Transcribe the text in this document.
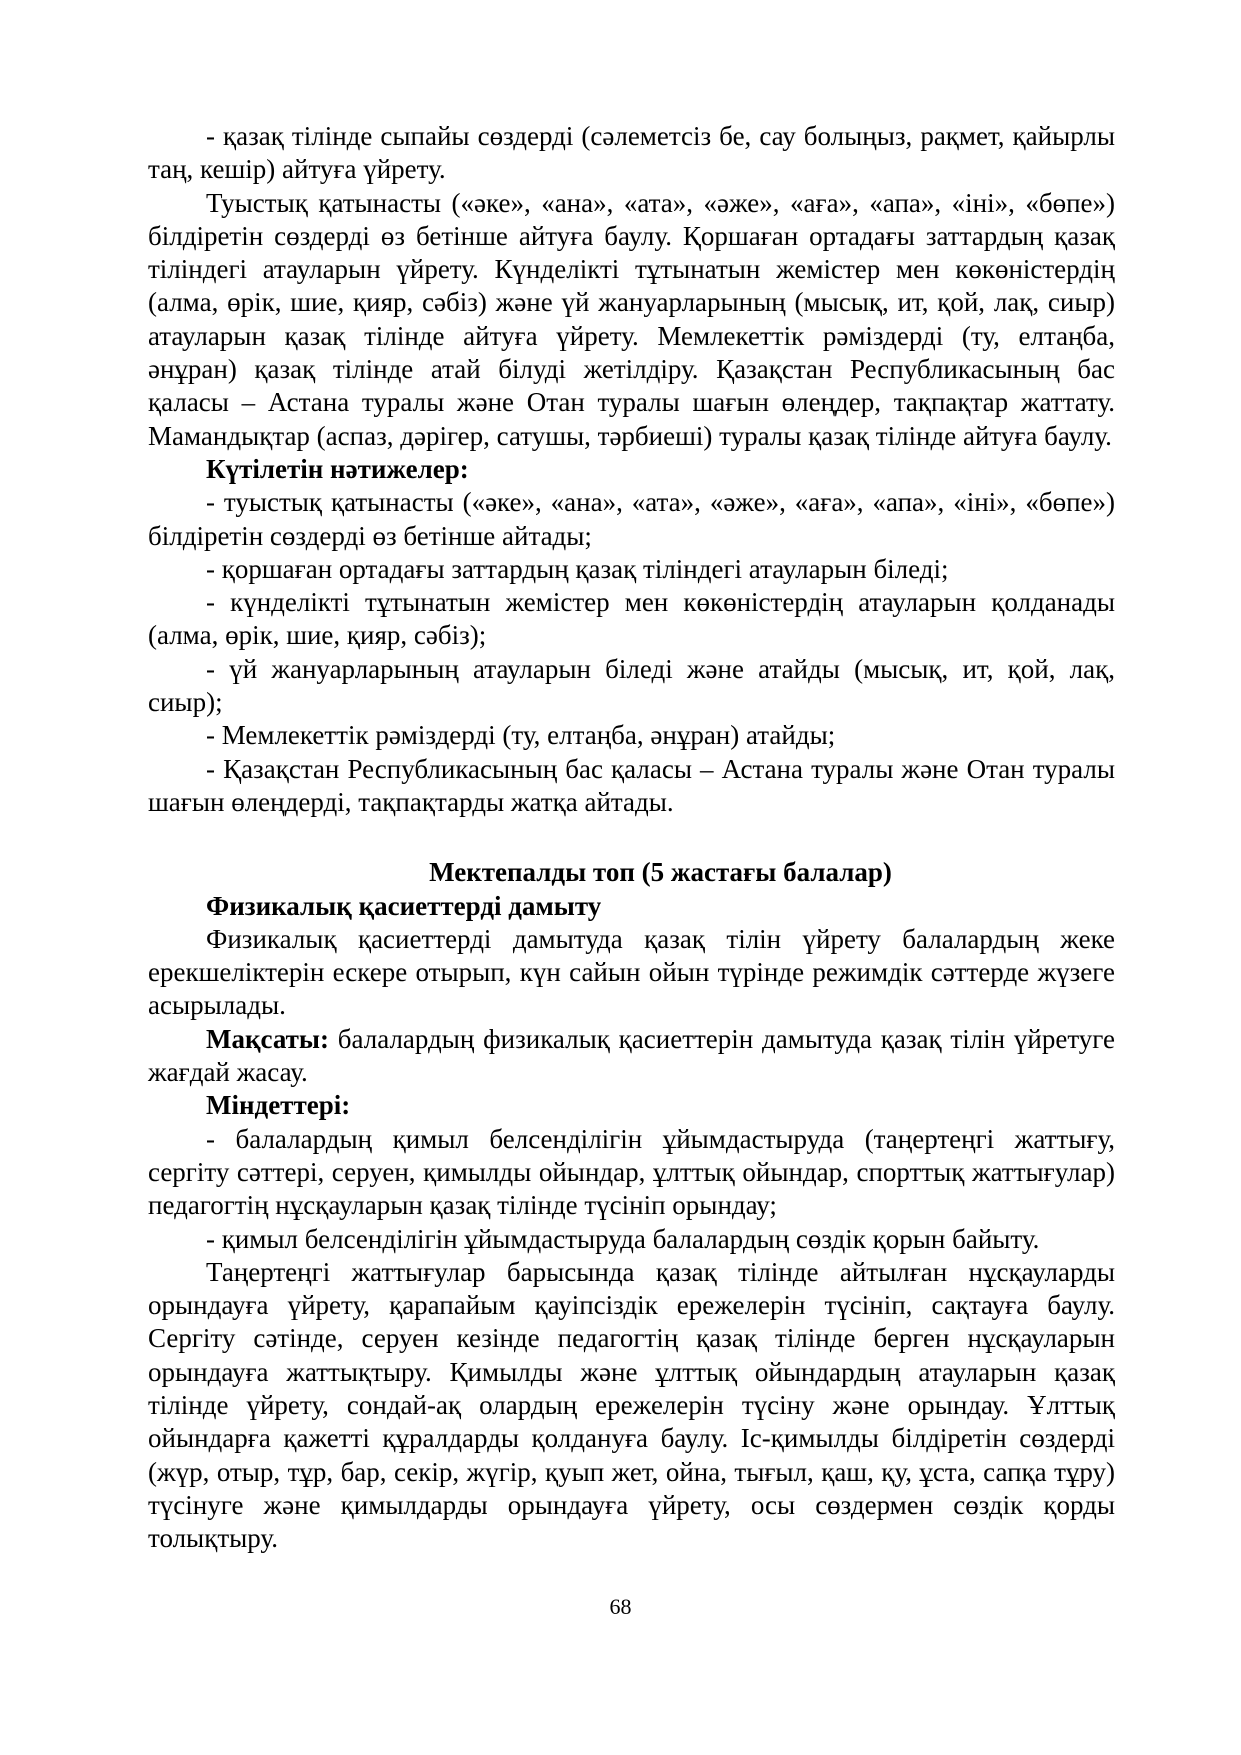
- қазақ тілінде сыпайы сөздерді (сәлеметсіз бе, сау болыңыз, рақмет, қайырлы таң, кешір) айтуға үйрету.

Туыстық қатынасты («әке», «ана», «ата», «әже», «аға», «апа», «іні», «бөпе») білдіретін сөздерді өз бетінше айтуға баулу. Қоршаған ортадағы заттардың қазақ тіліндегі атауларын үйрету. Күнделікті тұтынатын жемістер мен көкөністердің (алма, өрік, шие, қияр, сәбіз) және үй жануарларының (мысық, ит, қой, лақ, сиыр) атауларын қазақ тілінде айтуға үйрету. Мемлекеттік рәміздерді (ту, елтаңба, әнұран) қазақ тілінде атай білуді жетілдіру. Қазақстан Республикасының бас қаласы – Астана туралы және Отан туралы шағын өлеңдер, тақпақтар жаттату. Мамандықтар (аспаз, дәрігер, сатушы, тәрбиеші) туралы қазақ тілінде айтуға баулу.

Күтілетін нәтижелер:

- туыстық қатынасты («әке», «ана», «ата», «әже», «аға», «апа», «іні», «бөпе») білдіретін сөздерді өз бетінше айтады;

- қоршаған ортадағы заттардың қазақ тіліндегі атауларын біледі;

- күнделікті тұтынатын жемістер мен көкөністердің атауларын қолданады (алма, өрік, шие, қияр, сәбіз);

- үй жануарларының атауларын біледі және атайды (мысық, ит, қой, лақ, сиыр);

- Мемлекеттік рәміздерді (ту, елтаңба, әнұран) атайды;

- Қазақстан Республикасының бас қаласы – Астана туралы және Отан туралы шағын өлеңдерді, тақпақтарды жатқа айтады.

Мектепалды топ (5 жастағы балалар)

Физикалық қасиеттерді дамыту

Физикалық қасиеттерді дамытуда қазақ тілін үйрету балалардың жеке ерекшеліктерін ескере отырып, күн сайын ойын түрінде режимдік сәттерде жүзеге асырылады.

Мақсаты: балалардың физикалық қасиеттерін дамытуда қазақ тілін үйретуге жағдай жасау.

Міндеттері:

- балалардың қимыл белсенділігін ұйымдастыруда (таңертеңгі жаттығу, сергіту сәттері, серуен, қимылды ойындар, ұлттық ойындар, спорттық жаттығулар) педагогтің нұсқауларын қазақ тілінде түсініп орындау;

- қимыл белсенділігін ұйымдастыруда балалардың сөздік қорын байыту.

Таңертеңгі жаттығулар барысында қазақ тілінде айтылған нұсқауларды орындауға үйрету, қарапайым қауіпсіздік ережелерін түсініп, сақтауға баулу. Сергіту сәтінде, серуен кезінде педагогтің қазақ тілінде берген нұсқауларын орындауға жаттықтыру. Қимылды және ұлттық ойындардың атауларын қазақ тілінде үйрету, сондай-ақ олардың ережелерін түсіну және орындау. Ұлттық ойындарға қажетті құралдарды қолдануға баулу. Іс-қимылды білдіретін сөздерді (жүр, отыр, тұр, бар, секір, жүгір, қуып жет, ойна, тығыл, қаш, қу, ұста, сапқа тұру) түсінуге және қимылдарды орындауға үйрету, осы сөздермен сөздік қорды толықтыру.

68
